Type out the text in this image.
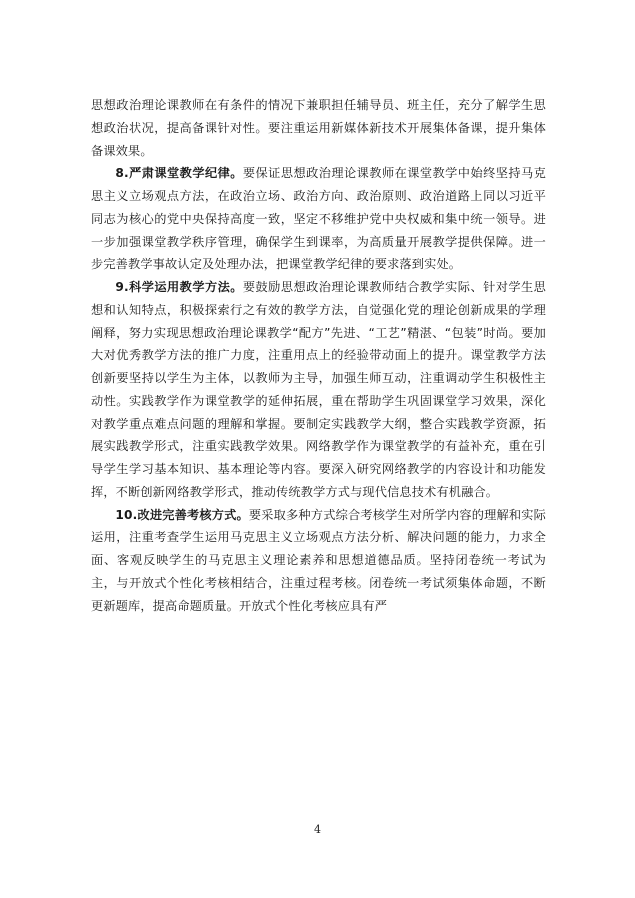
思想政治理论课教师在有条件的情况下兼职担任辅导员、班主任，充分了解学生思想政治状况，提高备课针对性。要注重运用新媒体新技术开展集体备课，提升集体备课效果。

8.严肃课堂教学纪律。要保证思想政治理论课教师在课堂教学中始终坚持马克思主义立场观点方法，在政治立场、政治方向、政治原则、政治道路上同以习近平同志为核心的党中央保持高度一致，坚定不移维护党中央权威和集中统一领导。进一步加强课堂教学秩序管理，确保学生到课率，为高质量开展教学提供保障。进一步完善教学事故认定及处理办法，把课堂教学纪律的要求落到实处。

9.科学运用教学方法。要鼓励思想政治理论课教师结合教学实际、针对学生思想和认知特点，积极探索行之有效的教学方法，自觉强化党的理论创新成果的学理阐释，努力实现思想政治理论课教学“配方”先进、“工艺”精湛、“包装”时尚。要加大对优秀教学方法的推广力度，注重用点上的经验带动面上的提升。课堂教学方法创新要坚持以学生为主体，以教师为主导，加强生师互动，注重调动学生积极性主动性。实践教学作为课堂教学的延伸拓展，重在帮助学生巩固课堂学习效果，深化对教学重点难点问题的理解和掌握。要制定实践教学大纲，整合实践教学资源，拓展实践教学形式，注重实践教学效果。网络教学作为课堂教学的有益补充，重在引导学生学习基本知识、基本理论等内容。要深入研究网络教学的内容设计和功能发挥，不断创新网络教学形式，推动传统教学方式与现代信息技术有机融合。

10.改进完善考核方式。要采取多种方式综合考核学生对所学内容的理解和实际运用，注重考查学生运用马克思主义立场观点方法分析、解决问题的能力，力求全面、客观反映学生的马克思主义理论素养和思想道德品质。坚持闭卷统一考试为主，与开放式个性化考核相结合，注重过程考核。闭卷统一考试须集体命题，不断更新题库，提高命题质量。开放式个性化考核应具有严

4
